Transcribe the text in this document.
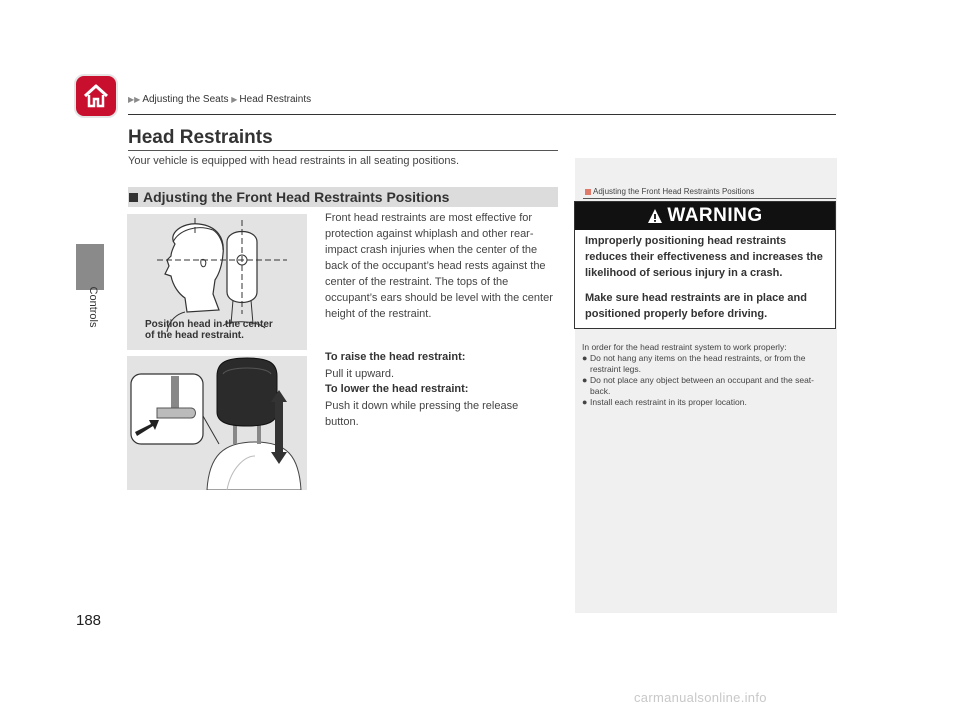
▶▶ Adjusting the Seats ▶ Head Restraints
Controls
188
Head Restraints
Your vehicle is equipped with head restraints in all seating positions.
Adjusting the Front Head Restraints Positions
Position head in the center
of the head restraint.
Front head restraints are most effective for protection against whiplash and other rear-impact crash injuries when the center of the back of the occupant’s head rests against the center of the restraint. The tops of the occupant’s ears should be level with the center height of the restraint.
To raise the head restraint:
Pull it upward.
To lower the head restraint:
Push it down while pressing the release button.
Adjusting the Front Head Restraints Positions
WARNING
Improperly positioning head restraints reduces their effectiveness and increases the likelihood of serious injury in a crash.
Make sure head restraints are in place and positioned properly before driving.
In order for the head restraint system to work properly:
● Do not hang any items on the head restraints, or from the restraint legs.
● Do not place any object between an occupant and the seat-back.
● Install each restraint in its proper location.
carmanualsonline.info
